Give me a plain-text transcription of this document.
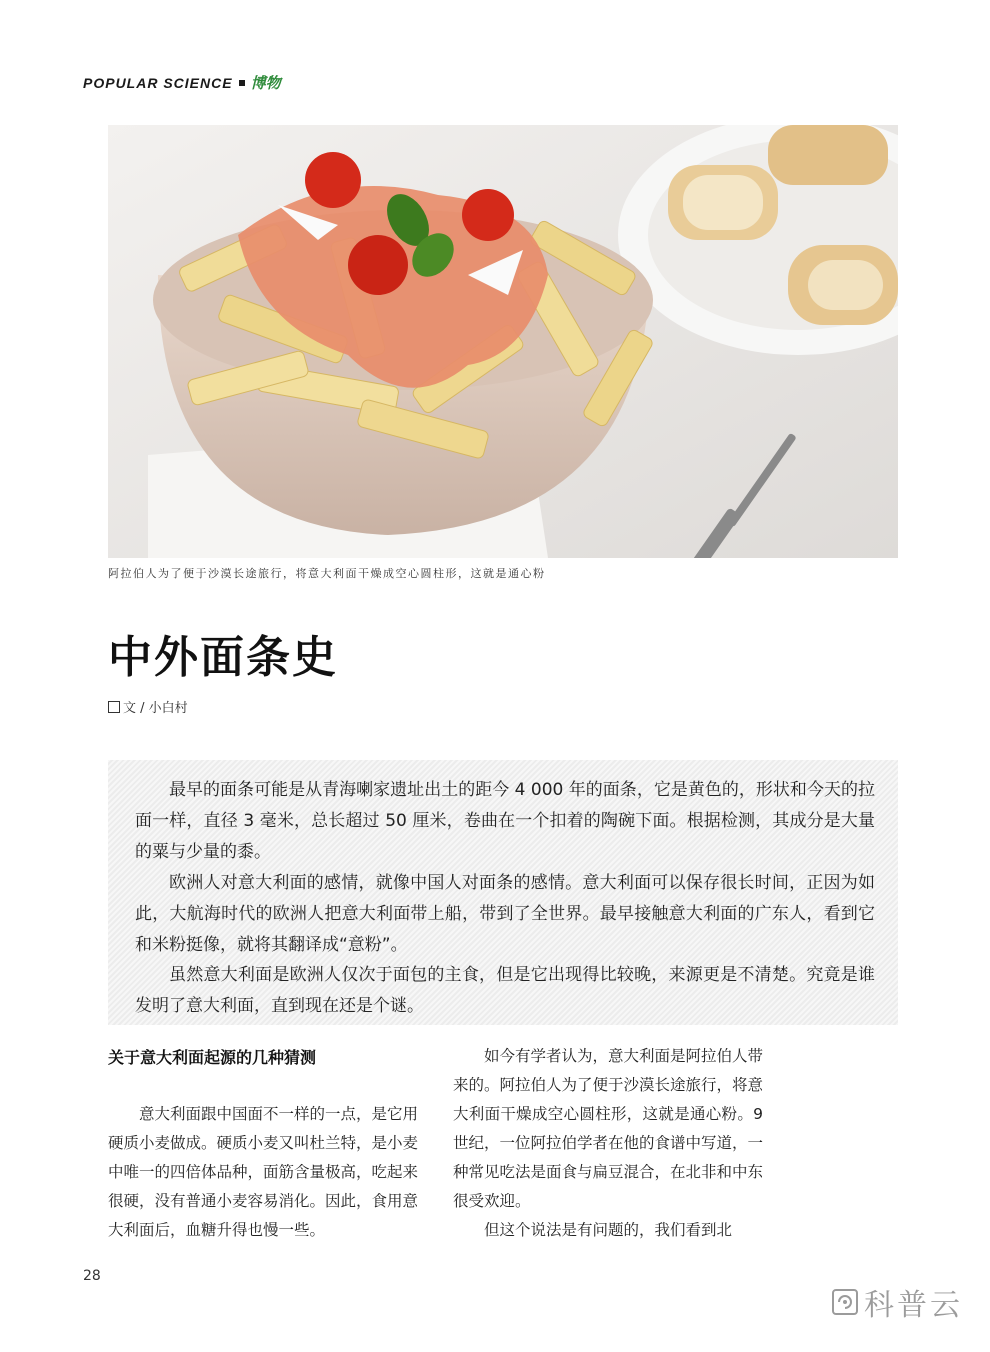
POPULAR SCIENCE 博物
阿拉伯人为了便于沙漠长途旅行，将意大利面干燥成空心圆柱形，这就是通心粉
中外面条史
文 / 小白村

最早的面条可能是从青海喇家遗址出土的距今 4 000 年的面条，它是黄色的，形状和今天的拉面一样，直径 3 毫米，总长超过 50 厘米，卷曲在一个扣着的陶碗下面。根据检测，其成分是大量的粟与少量的黍。

欧洲人对意大利面的感情，就像中国人对面条的感情。意大利面可以保存很长时间，正因为如此，大航海时代的欧洲人把意大利面带上船，带到了全世界。最早接触意大利面的广东人，看到它和米粉挺像，就将其翻译成“意粉”。

虽然意大利面是欧洲人仅次于面包的主食，但是它出现得比较晚，来源更是不清楚。究竟是谁发明了意大利面，直到现在还是个谜。

关于意大利面起源的几种猜测

意大利面跟中国面不一样的一点，是它用硬质小麦做成。硬质小麦又叫杜兰特，是小麦中唯一的四倍体品种，面筋含量极高，吃起来很硬，没有普通小麦容易消化。因此，食用意大利面后，血糖升得也慢一些。

如今有学者认为，意大利面是阿拉伯人带来的。阿拉伯人为了便于沙漠长途旅行，将意大利面干燥成空心圆柱形，这就是通心粉。9 世纪，一位阿拉伯学者在他的食谱中写道，一种常见吃法是面食与扁豆混合，在北非和中东很受欢迎。

但这个说法是有问题的，我们看到北

28
科普云
